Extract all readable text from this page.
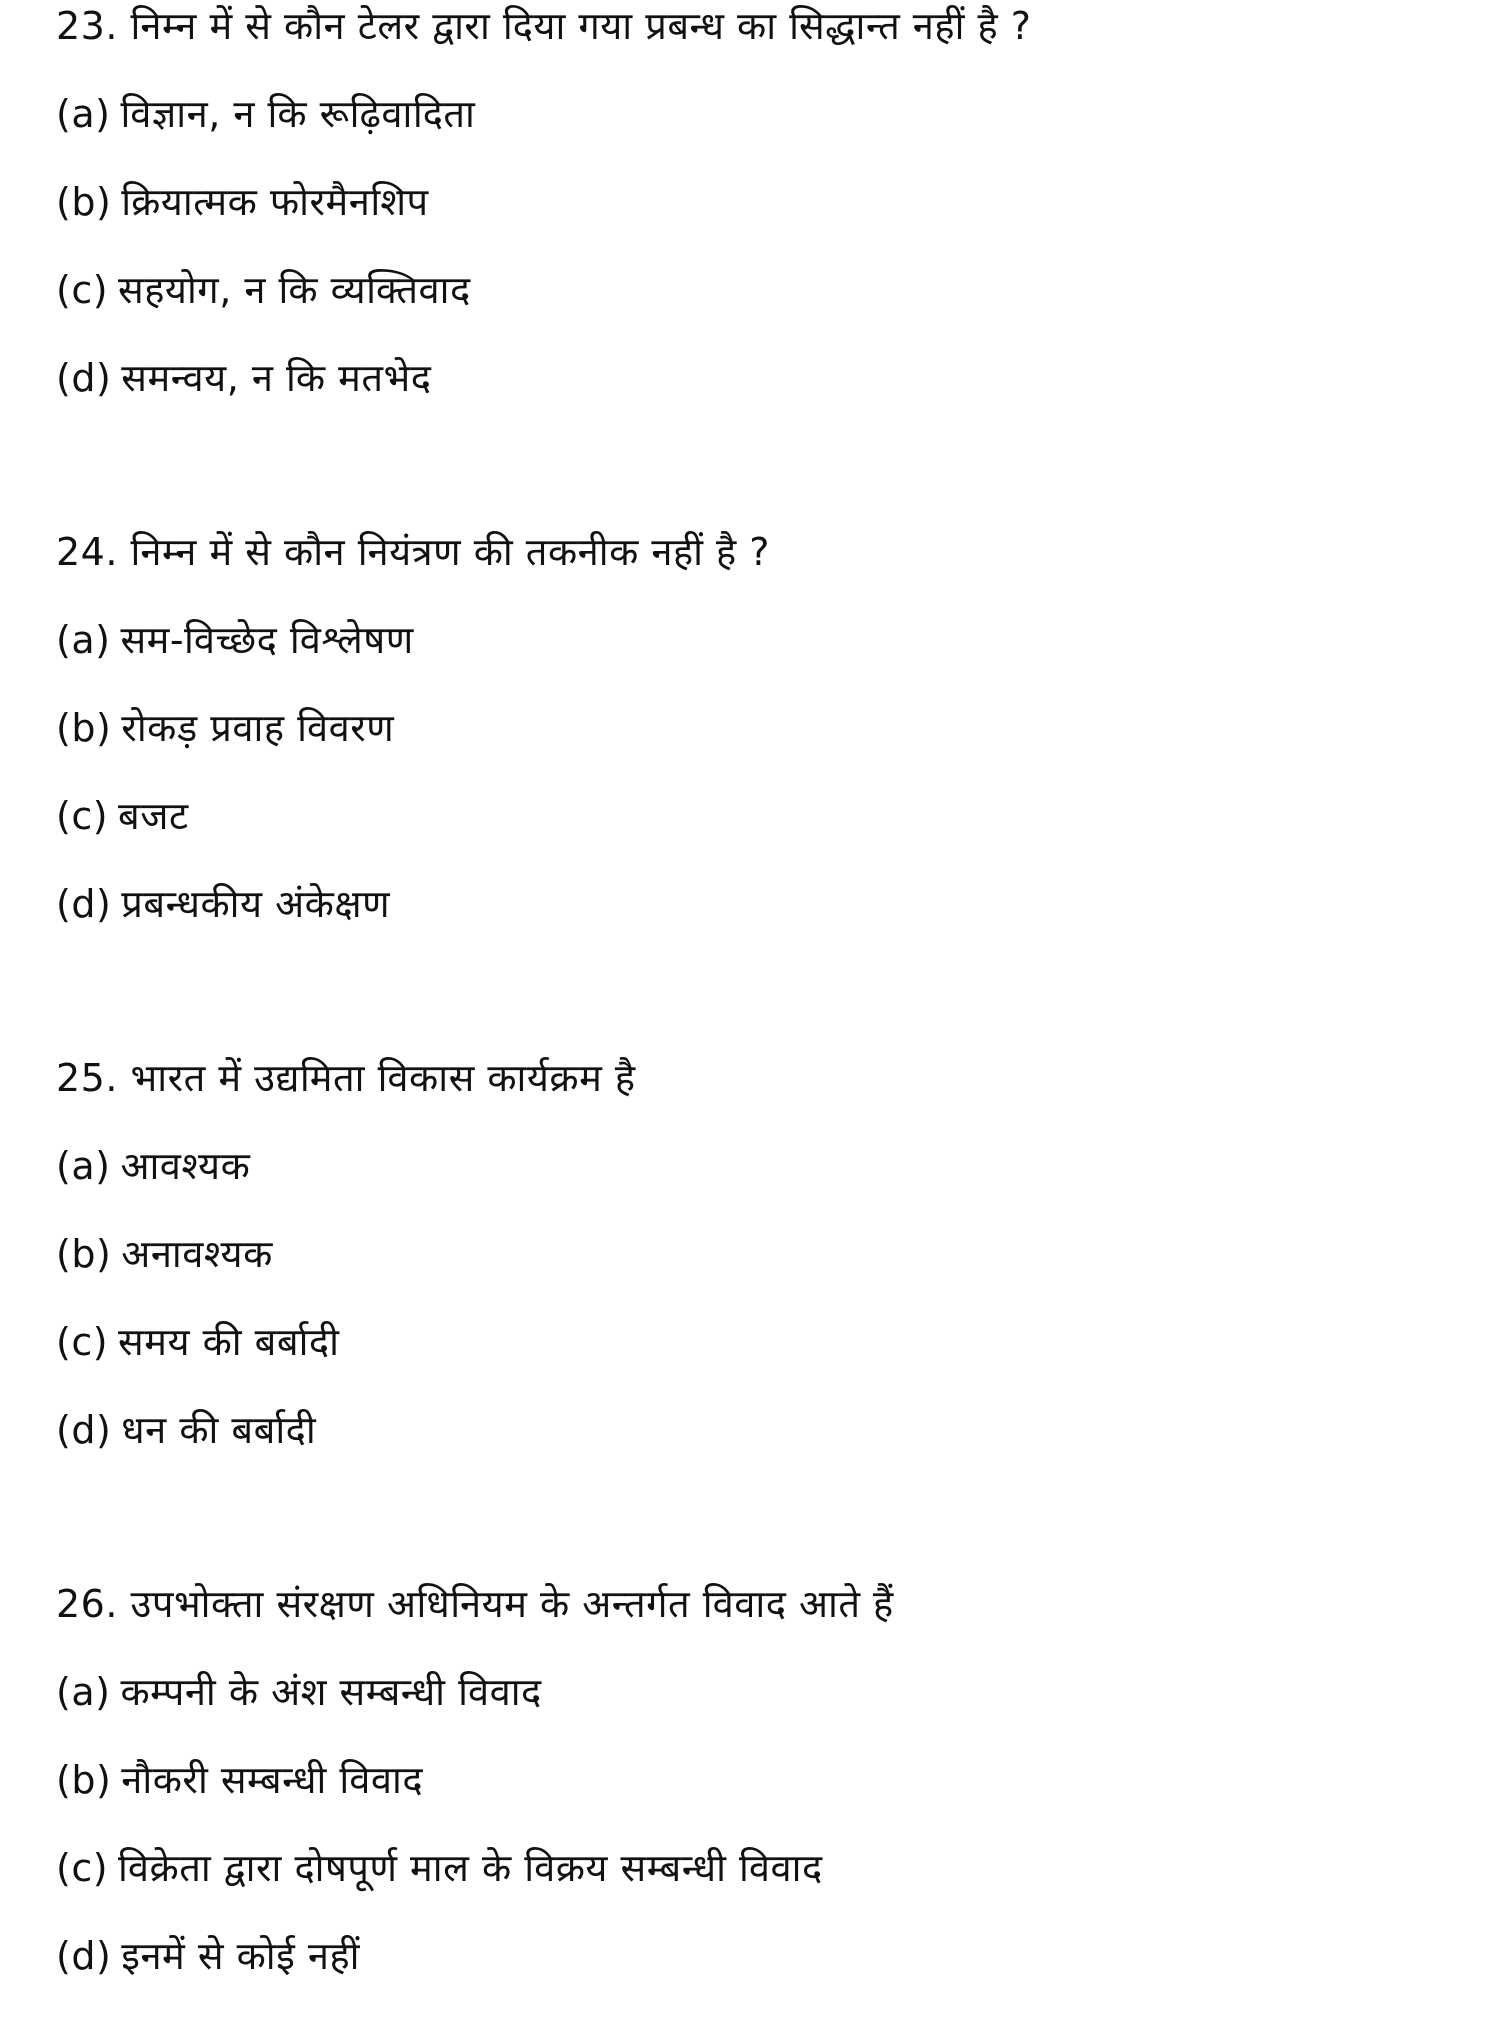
23. निम्न में से कौन टेलर द्वारा दिया गया प्रबन्ध का सिद्धान्त नहीं है ?
(a) विज्ञान, न कि रूढ़िवादिता
(b) क्रियात्मक फोरमैनशिप
(c) सहयोग, न कि व्यक्तिवाद
(d) समन्वय, न कि मतभेद
24. निम्न में से कौन नियंत्रण की तकनीक नहीं है ?
(a) सम-विच्छेद विश्लेषण
(b) रोकड़ प्रवाह विवरण
(c) बजट
(d) प्रबन्धकीय अंकेक्षण
25. भारत में उद्यमिता विकास कार्यक्रम है
(a) आवश्यक
(b) अनावश्यक
(c) समय की बर्बादी
(d) धन की बर्बादी
26. उपभोक्ता संरक्षण अधिनियम के अन्तर्गत विवाद आते हैं
(a) कम्पनी के अंश सम्बन्धी विवाद
(b) नौकरी सम्बन्धी विवाद
(c) विक्रेता द्वारा दोषपूर्ण माल के विक्रय सम्बन्धी विवाद
(d) इनमें से कोई नहीं
